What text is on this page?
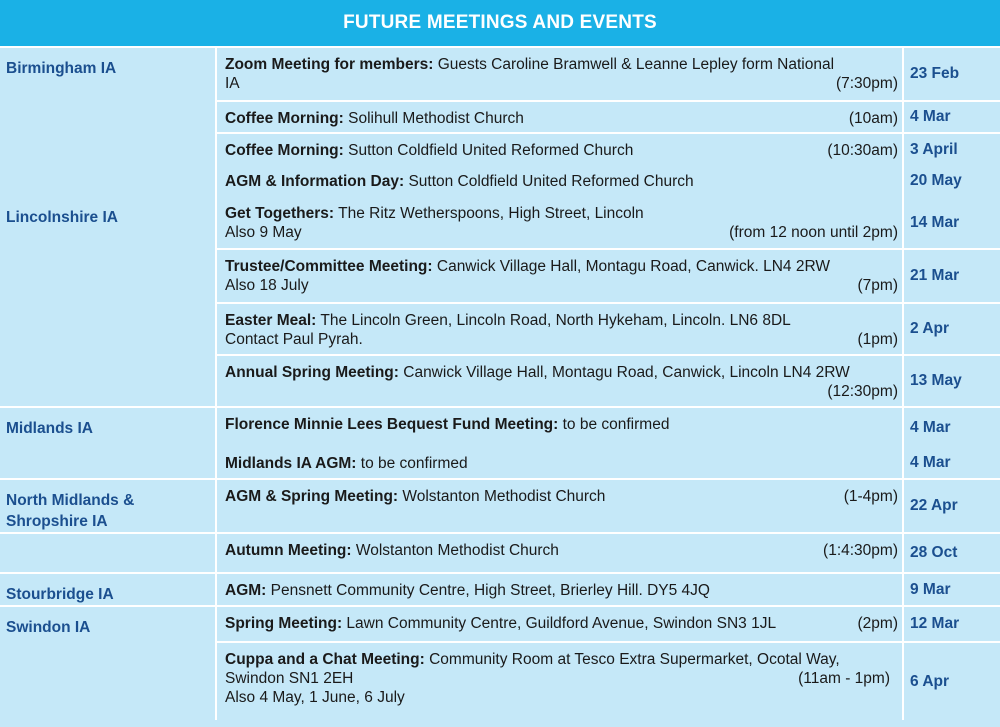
FUTURE MEETINGS AND EVENTS
Birmingham IA	Zoom Meeting for members: Guests Caroline Bramwell & Leanne Lepley form National
IA (7:30pm)	23 Feb

	Coffee Morning: Solihull Methodist Church (10am)	4 Mar

	Coffee Morning: Sutton Coldfield United Reformed Church (10:30am)	3 April

	AGM & Information Day: Sutton Coldfield United Reformed Church	20 May
Lincolnshire IA	Get Togethers: The Ritz Wetherspoons, High Street, Lincoln
Also 9 May (from 12 noon until 2pm)	14 Mar

	Trustee/Committee Meeting: Canwick Village Hall, Montagu Road, Canwick. LN4 2RW
Also 18 July (7pm)	21 Mar

	Easter Meal: The Lincoln Green, Lincoln Road, North Hykeham, Lincoln. LN6 8DL
Contact Paul Pyrah. (1pm)	2 Apr

	Annual Spring Meeting: Canwick Village Hall, Montagu Road, Canwick, Lincoln LN4 2RW
(12:30pm)	13 May
Midlands IA	Florence Minnie Lees Bequest Fund Meeting: to be confirmed	4 Mar

	Midlands IA AGM: to be confirmed	4 Mar
North Midlands & Shropshire IA	AGM & Spring Meeting: Wolstanton Methodist Church (1-4pm)	22 Apr

	Autumn Meeting: Wolstanton Methodist Church (1:4:30pm)	28 Oct
Stourbridge IA	AGM: Pensnett Community Centre, High Street, Brierley Hill. DY5 4JQ	9 Mar
Swindon IA	Spring Meeting: Lawn Community Centre, Guildford Avenue, Swindon SN3 1JL (2pm)	12 Mar

	Cuppa and a Chat Meeting: Community Room at Tesco Extra Supermarket, Ocotal Way,
Swindon SN1 2EH (11am - 1pm)
Also 4 May, 1 June, 6 July	6 Apr
